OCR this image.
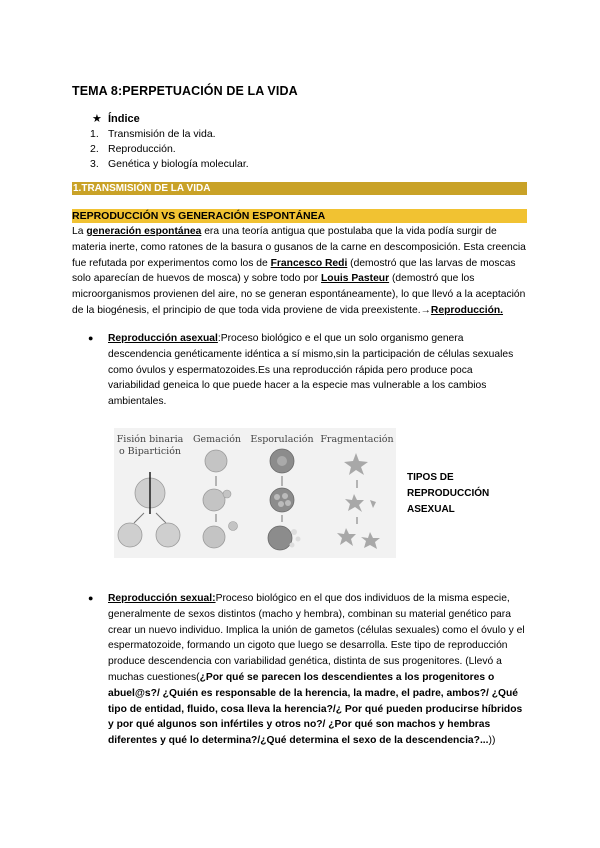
TEMA 8:PERPETUACIÓN DE LA VIDA
★ Índice
1. Transmisión de la vida.
2. Reproducción.
3. Genética y biología molecular.
1.TRANSMISIÓN DE LA VIDA
REPRODUCCIÓN VS GENERACIÓN ESPONTÁNEA
La generación espontánea era una teoría antigua que postulaba que la vida podía surgir de materia inerte, como ratones de la basura o gusanos de la carne en descomposición. Esta creencia fue refutada por experimentos como los de Francesco Redi (demostró que las larvas de moscas solo aparecían de huevos de mosca) y sobre todo por Louis Pasteur (demostró que los microorganismos provienen del aire, no se generan espontáneamente), lo que llevó a la aceptación de la biogénesis, el principio de que toda vida proviene de vida preexistente.→Reproducción.
● Reproducción asexual:Proceso biológico e el que un solo organismo genera descendencia genéticamente idéntica a sí mismo,sin la participación de células sexuales como óvulos y espermatozoides.Es una reproducción rápida pero produce poca variabilidad geneica lo que puede hacer a la especie mas vulnerable a los cambios ambientales.
Fisión binaria
o Bipartición
Gemación Esporulación Fragmentación
TIPOS DE
REPRODUCCIÓN
ASEXUAL
● Reproducción sexual:Proceso biológico en el que dos individuos de la misma especie, generalmente de sexos distintos (macho y hembra), combinan su material genético para crear un nuevo individuo. Implica la unión de gametos (células sexuales) como el óvulo y el espermatozoide, formando un cigoto que luego se desarrolla. Este tipo de reproducción produce descendencia con variabilidad genética, distinta de sus progenitores. (Llevó a muchas cuestiones(¿Por qué se parecen los descendientes a los progenitores o abuel@s?/ ¿Quién es responsable de la herencia, la madre, el padre, ambos?/ ¿Qué tipo de entidad, fluido, cosa lleva la herencia?/¿ Por qué pueden producirse híbridos y por qué algunos son infértiles y otros no?/ ¿Por qué son machos y hembras diferentes y qué lo determina?/¿Qué determina el sexo de la descendencia?...))
